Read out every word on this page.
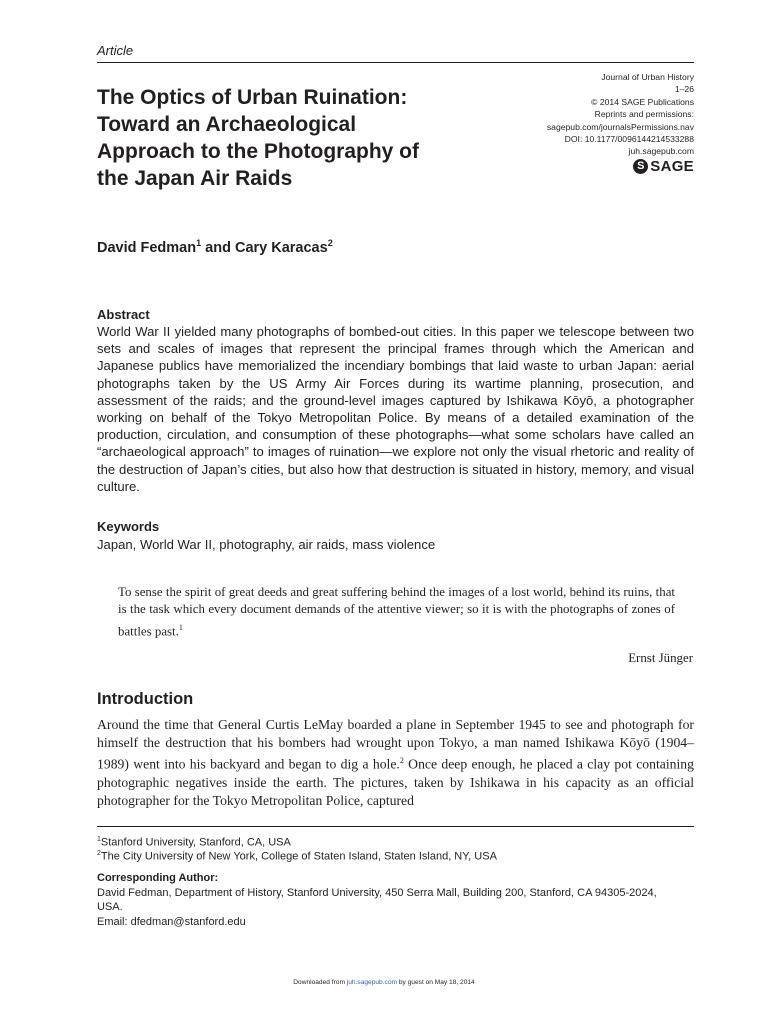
Article
The Optics of Urban Ruination:
Toward an Archaeological
Approach to the Photography of
the Japan Air Raids
Journal of Urban History
1–26
© 2014 SAGE Publications
Reprints and permissions:
sagepub.com/journalsPermissions.nav
DOI: 10.1177/0096144214533288
juh.sagepub.com
S SAGE
David Fedman$^1$ and Cary Karacas$^2$
Abstract
World War II yielded many photographs of bombed-out cities. In this paper we telescope between two sets and scales of images that represent the principal frames through which the American and Japanese publics have memorialized the incendiary bombings that laid waste to urban Japan: aerial photographs taken by the US Army Air Forces during its wartime planning, prosecution, and assessment of the raids; and the ground-level images captured by Ishikawa Kōyō, a photographer working on behalf of the Tokyo Metropolitan Police. By means of a detailed examination of the production, circulation, and consumption of these photographs—what some scholars have called an “archaeological approach” to images of ruination—we explore not only the visual rhetoric and reality of the destruction of Japan’s cities, but also how that destruction is situated in history, memory, and visual culture.
Keywords
Japan, World War II, photography, air raids, mass violence
To sense the spirit of great deeds and great suffering behind the images of a lost world, behind its ruins, that is the task which every document demands of the attentive viewer; so it is with the photographs of zones of battles past.$^1$
Ernst Jünger
Introduction
Around the time that General Curtis LeMay boarded a plane in September 1945 to see and photograph for himself the destruction that his bombers had wrought upon Tokyo, a man named Ishikawa Kōyō (1904–1989) went into his backyard and began to dig a hole.$^2$ Once deep enough, he placed a clay pot containing photographic negatives inside the earth. The pictures, taken by Ishikawa in his capacity as an official photographer for the Tokyo Metropolitan Police, captured
$^1$Stanford University, Stanford, CA, USA
$^2$The City University of New York, College of Staten Island, Staten Island, NY, USA
Corresponding Author:
David Fedman, Department of History, Stanford University, 450 Serra Mall, Building 200, Stanford, CA 94305-2024,
USA.
Email: dfedman@stanford.edu
Downloaded from juh.sagepub.com by guest on May 18, 2014
